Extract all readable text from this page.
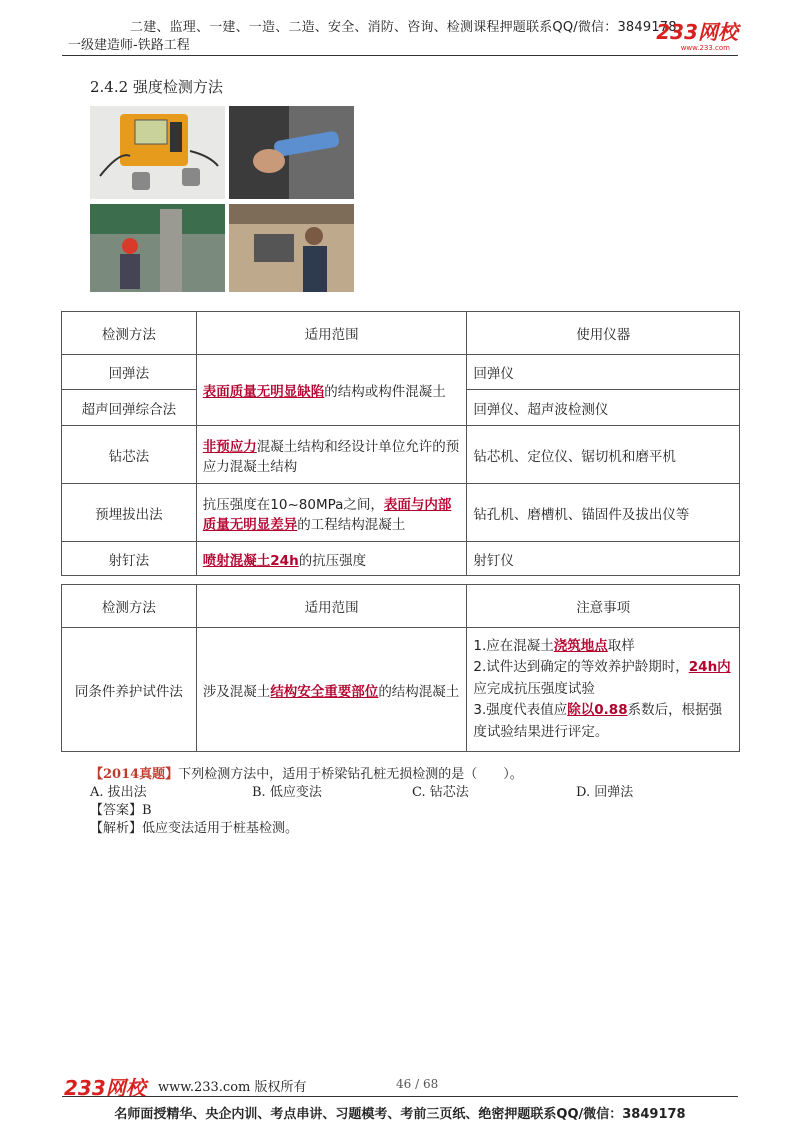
二建、监理、一建、一造、二造、安全、消防、咨询、检测课程押题联系QQ/微信：3849178
一级建造师-铁路工程
233网校
www.233.com
2.4.2 强度检测方法
检测方法	适用范围	使用仪器
回弹法	表面质量无明显缺陷的结构或构件混凝土	回弹仪
超声回弹综合法		回弹仪、超声波检测仪
钻芯法	非预应力混凝土结构和经设计单位允许的预应力混凝土结构	钻芯机、定位仪、锯切机和磨平机
预埋拔出法	抗压强度在10~80MPa之间，表面与内部质量无明显差异的工程结构混凝土	钻孔机、磨槽机、锚固件及拔出仪等
射钉法	喷射混凝土24h的抗压强度	射钉仪
检测方法	适用范围	注意事项
同条件养护试件法	涉及混凝土结构安全重要部位的结构混凝土	1.应在混凝土浇筑地点取样
2.试件达到确定的等效养护龄期时，24h内应完成抗压强度试验
3.强度代表值应除以0.88系数后，根据强度试验结果进行评定。
【2014真题】下列检测方法中，适用于桥梁钻孔桩无损检测的是（　　）。
A. 拔出法	B. 低应变法	C. 钻芯法	D. 回弹法
【答案】B
【解析】低应变法适用于桩基检测。
233网校 www.233.com 版权所有	46 / 68
名师面授精华、央企内训、考点串讲、习题模考、考前三页纸、绝密押题联系QQ/微信：3849178
